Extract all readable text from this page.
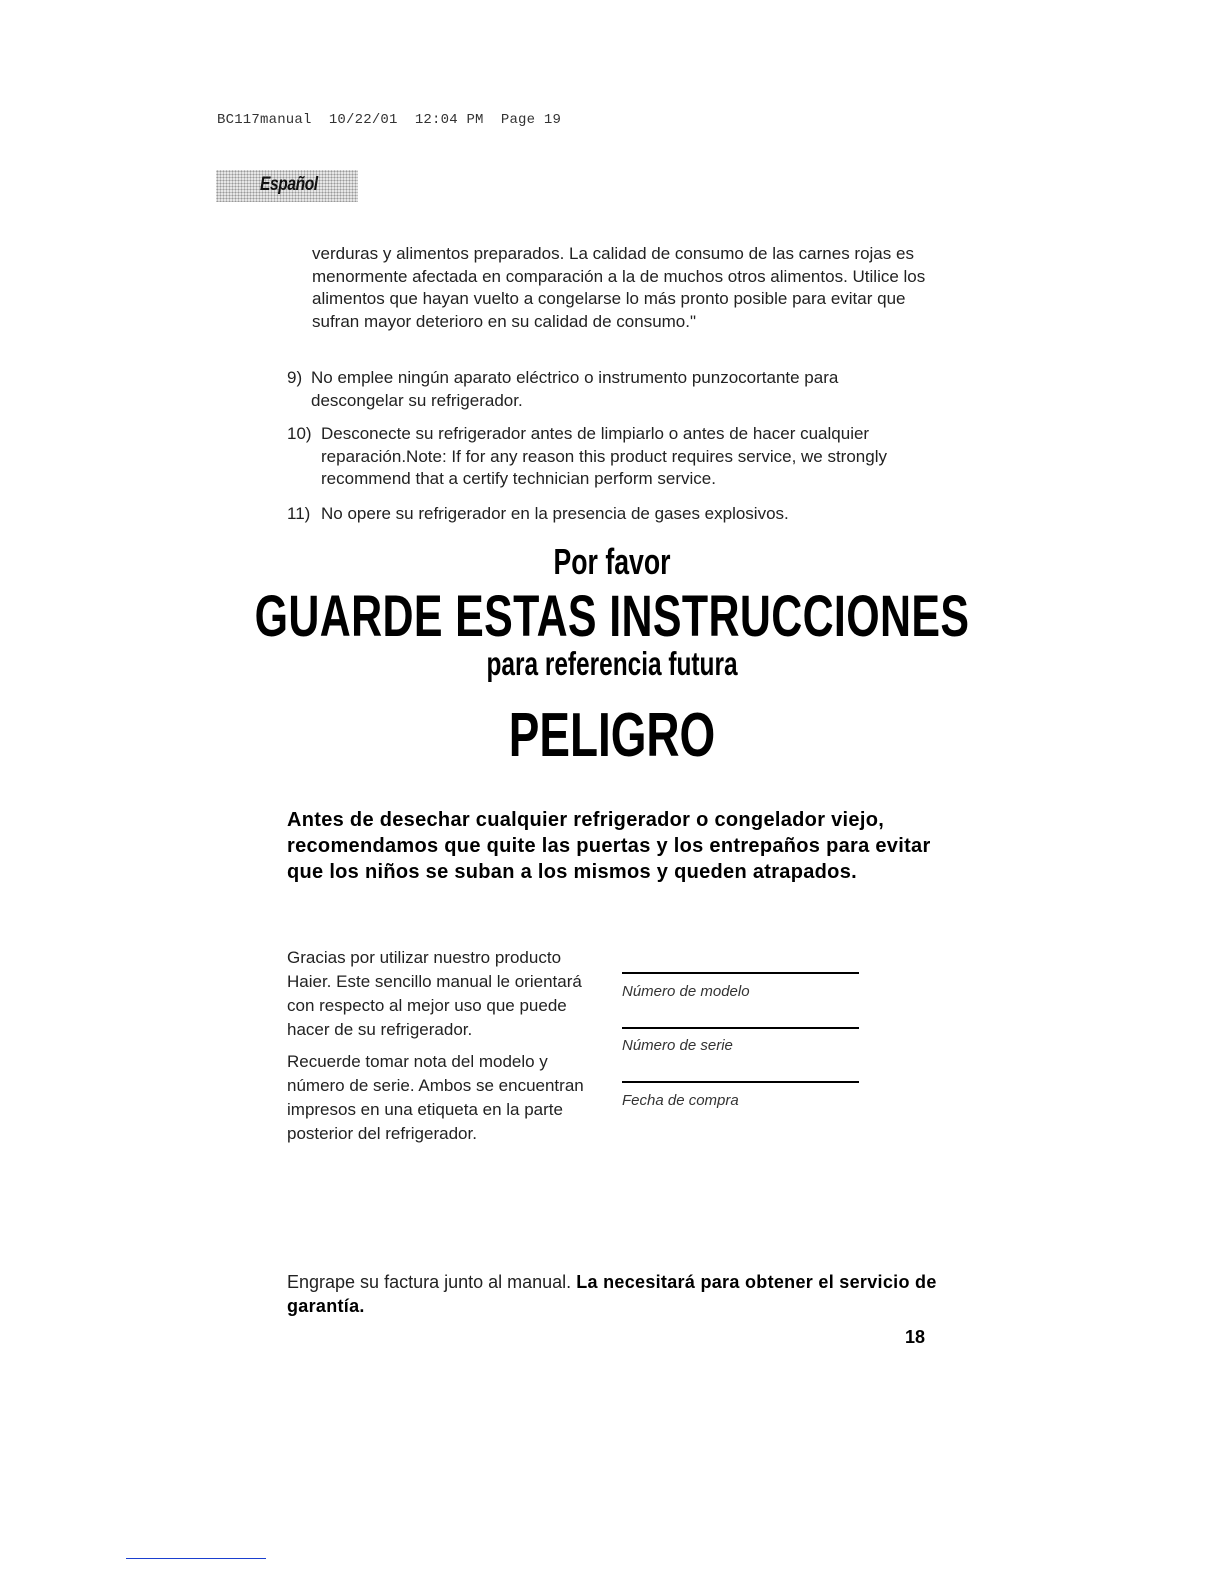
BC117manual  10/22/01  12:04 PM  Page 19
Español
verduras y alimentos preparados. La calidad de consumo de las carnes rojas es menormente afectada en comparación a la de muchos otros alimentos. Utilice los alimentos que hayan vuelto a congelarse lo más pronto posible para evitar que sufran mayor deterioro en su calidad de consumo."
9) No emplee ningún aparato eléctrico o instrumento punzocortante para descongelar su refrigerador.
10) Desconecte su refrigerador antes de limpiarlo o antes de hacer cualquier reparación.Note: If for any reason this product requires service, we strongly recommend that a certify technician perform service.
11) No opere su refrigerador en la presencia de gases explosivos.
Por favor
GUARDE ESTAS INSTRUCCIONES
para referencia futura
PELIGRO
Antes de desechar cualquier refrigerador o congelador viejo, recomendamos que quite las puertas y los entrepaños para evitar que los niños se suban a los mismos y queden atrapados.

Gracias por utilizar nuestro producto Haier. Este sencillo manual le orientará con respecto al mejor uso que puede hacer de su refrigerador.

Recuerde tomar nota del modelo y número de serie. Ambos se encuentran impresos en una etiqueta en la parte posterior del refrigerador.

Número de modelo
Número de serie
Fecha de compra
Engrape su factura junto al manual. La necesitará para obtener el servicio de garantía.
18
